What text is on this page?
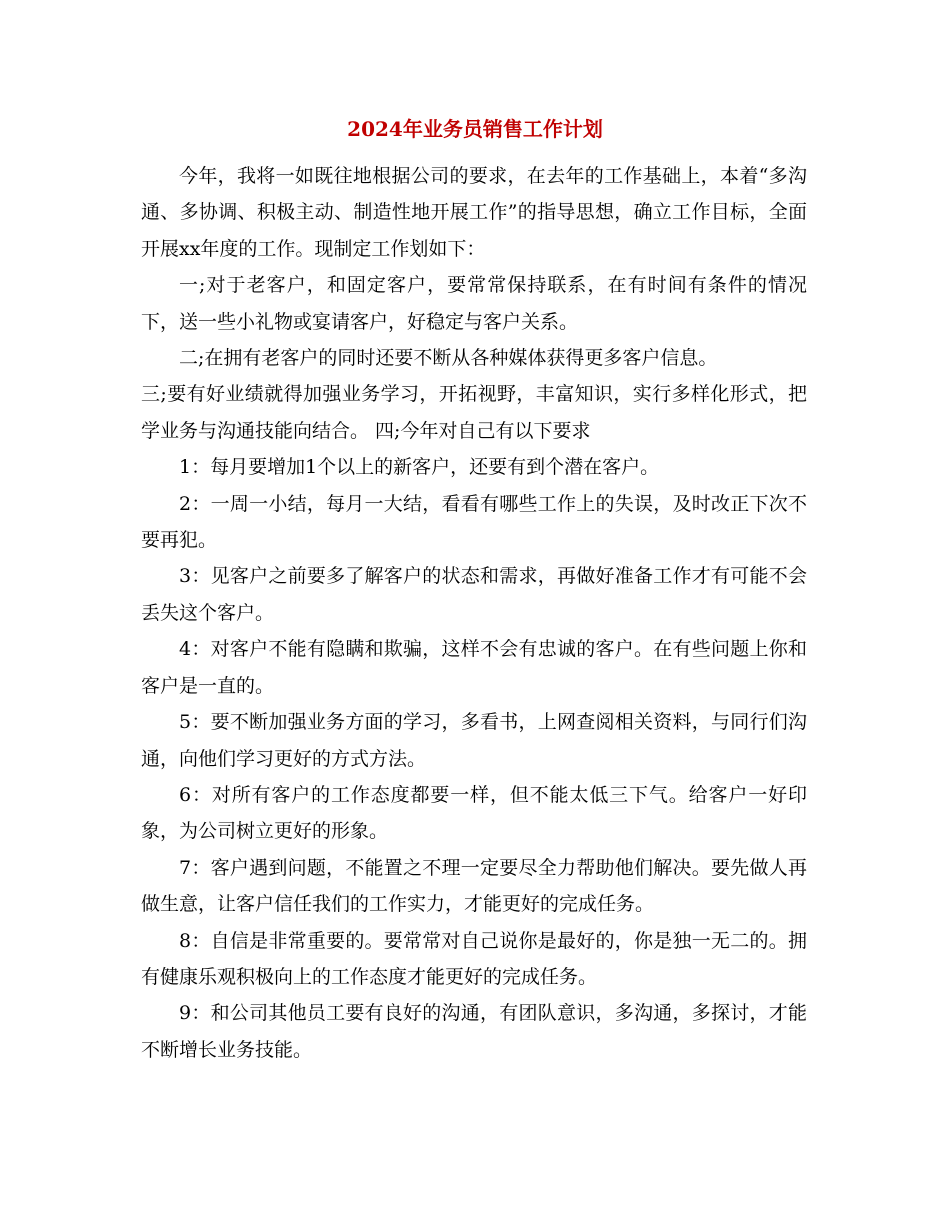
2024年业务员销售工作计划

今年，我将一如既往地根据公司的要求，在去年的工作基础上，本着“多沟通、多协调、积极主动、制造性地开展工作”的指导思想，确立工作目标，全面开展xx年度的工作。现制定工作划如下：

一;对于老客户，和固定客户，要常常保持联系，在有时间有条件的情况下，送一些小礼物或宴请客户，好稳定与客户关系。

二;在拥有老客户的同时还要不断从各种媒体获得更多客户信息。

三;要有好业绩就得加强业务学习，开拓视野，丰富知识，实行多样化形式，把学业务与沟通技能向结合。 四;今年对自己有以下要求

1：每月要增加1个以上的新客户，还要有到个潜在客户。

2：一周一小结，每月一大结，看看有哪些工作上的失误，及时改正下次不要再犯。

3：见客户之前要多了解客户的状态和需求，再做好准备工作才有可能不会丢失这个客户。

4：对客户不能有隐瞒和欺骗，这样不会有忠诚的客户。在有些问题上你和客户是一直的。

5：要不断加强业务方面的学习，多看书，上网查阅相关资料，与同行们沟通，向他们学习更好的方式方法。

6：对所有客户的工作态度都要一样，但不能太低三下气。给客户一好印象，为公司树立更好的形象。

7：客户遇到问题，不能置之不理一定要尽全力帮助他们解决。要先做人再做生意，让客户信任我们的工作实力，才能更好的完成任务。

8：自信是非常重要的。要常常对自己说你是最好的，你是独一无二的。拥有健康乐观积极向上的工作态度才能更好的完成任务。

9：和公司其他员工要有良好的沟通，有团队意识，多沟通，多探讨，才能不断增长业务技能。
